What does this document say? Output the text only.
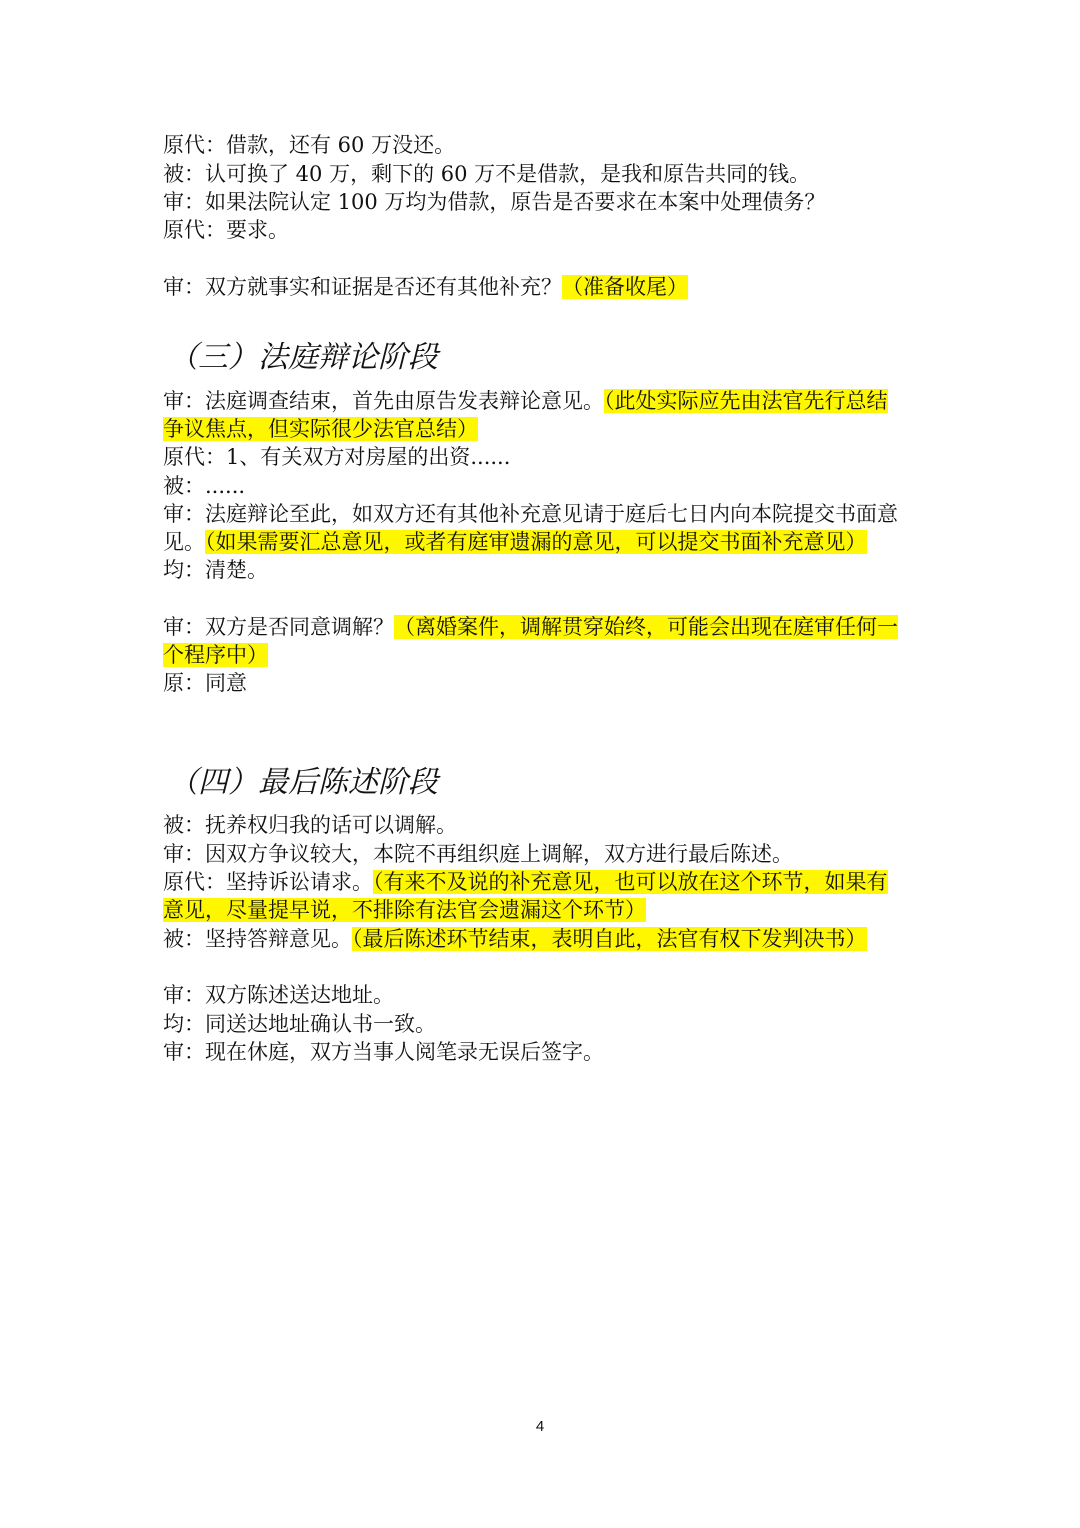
原代：借款，还有 60 万没还。
被：认可换了 40 万，剩下的 60 万不是借款，是我和原告共同的钱。
审：如果法院认定 100 万均为借款，原告是否要求在本案中处理债务？
原代：要求。
审：双方就事实和证据是否还有其他补充？（准备收尾）
（三）法庭辩论阶段
审：法庭调查结束，首先由原告发表辩论意见。（此处实际应先由法官先行总结
争议焦点，但实际很少法官总结）
原代：1、有关双方对房屋的出资......
被：......
审：法庭辩论至此，如双方还有其他补充意见请于庭后七日内向本院提交书面意
见。（如果需要汇总意见，或者有庭审遗漏的意见，可以提交书面补充意见）
均：清楚。
审：双方是否同意调解？（离婚案件，调解贯穿始终，可能会出现在庭审任何一
个程序中）
原：同意
（四）最后陈述阶段
被：抚养权归我的话可以调解。
审：因双方争议较大，本院不再组织庭上调解，双方进行最后陈述。
原代：坚持诉讼请求。（有来不及说的补充意见，也可以放在这个环节，如果有
意见，尽量提早说，不排除有法官会遗漏这个环节）
被：坚持答辩意见。（最后陈述环节结束，表明自此，法官有权下发判决书）
审：双方陈述送达地址。
均：同送达地址确认书一致。
审：现在休庭，双方当事人阅笔录无误后签字。
4
